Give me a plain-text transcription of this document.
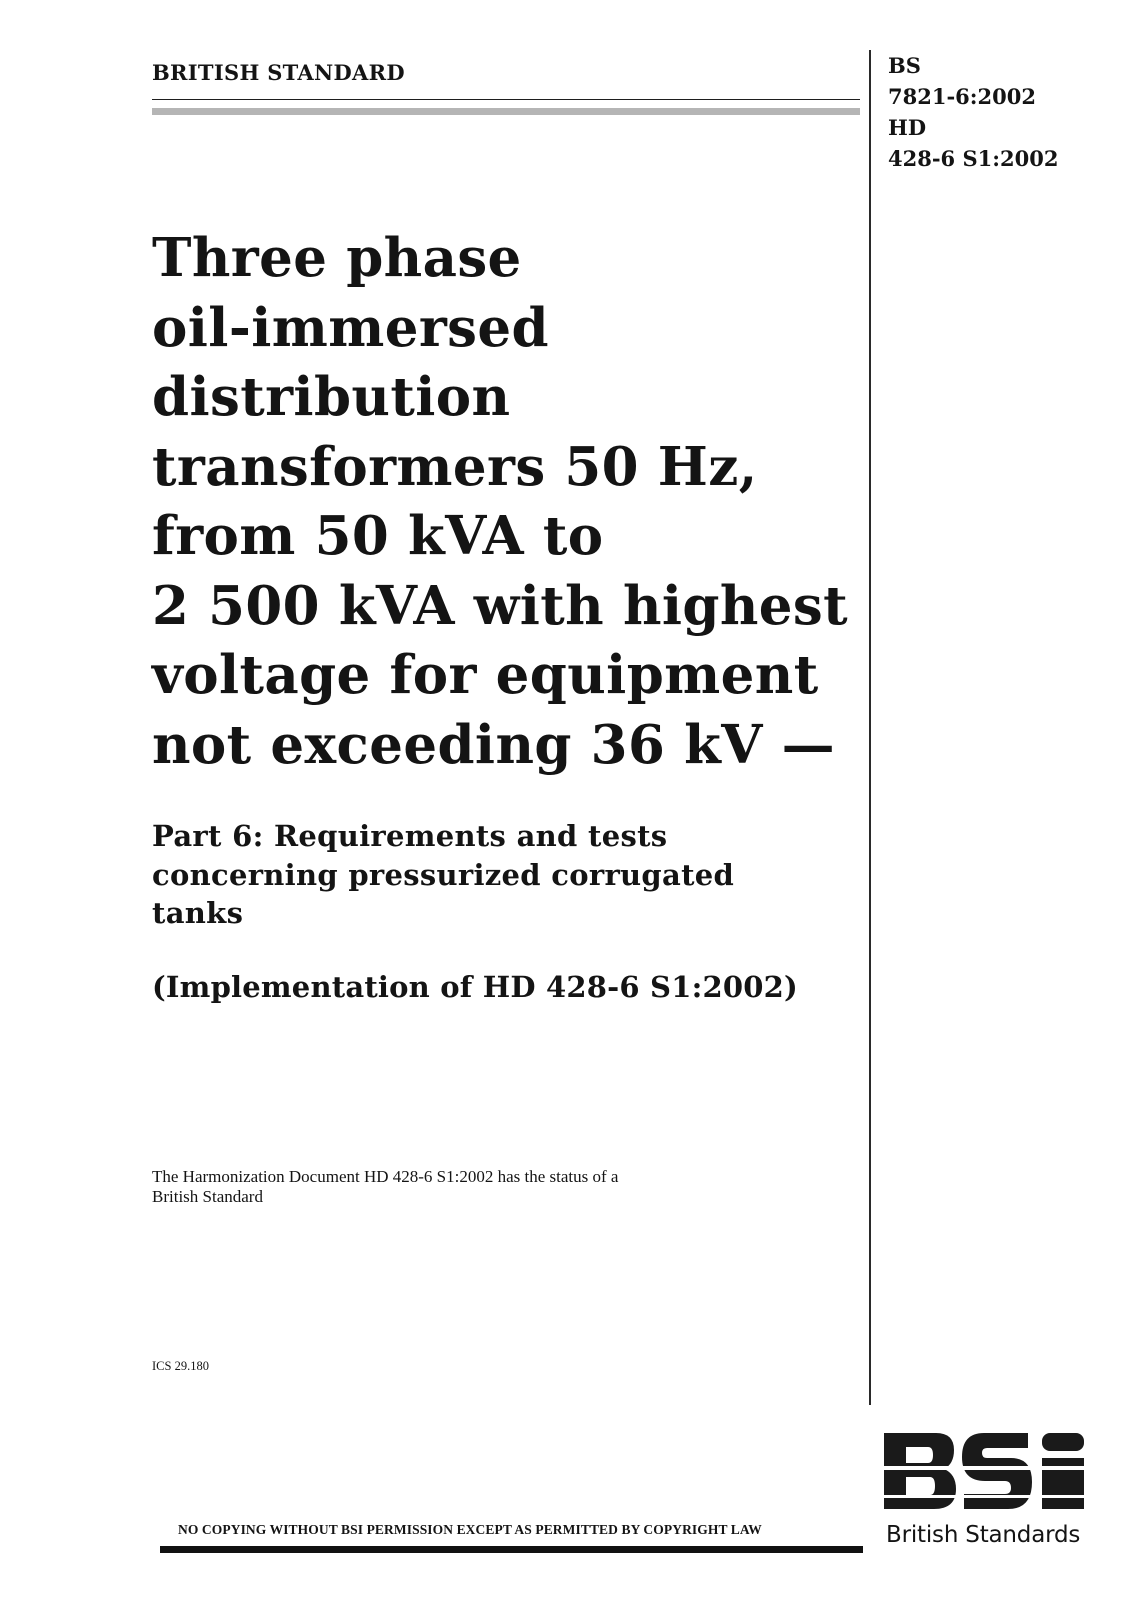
BRITISH STANDARD	BS
7821-6:2002
HD
428-6 S1:2002
Three phase
oil-immersed
distribution
transformers 50 Hz,
from 50 kVA to
2 500 kVA with highest
voltage for equipment
not exceeding 36 kV —
Part 6: Requirements and tests
concerning pressurized corrugated
tanks
(Implementation of HD 428-6 S1:2002)
The Harmonization Document HD 428-6 S1:2002 has the status of a
British Standard
ICS 29.180
NO COPYING WITHOUT BSI PERMISSION EXCEPT AS PERMITTED BY COPYRIGHT LAW	British Standards
